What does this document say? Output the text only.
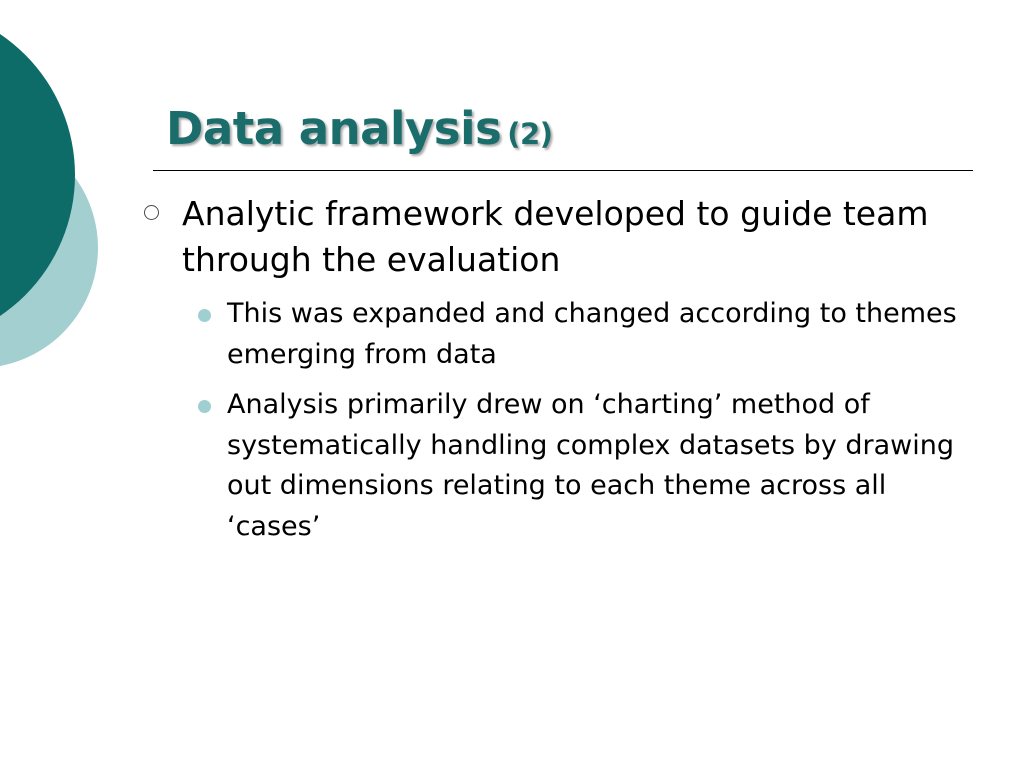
Data analysis (2)

Analytic framework developed to guide team through the evaluation

This was expanded and changed according to themes emerging from data

Analysis primarily drew on ‘charting’ method of systematically handling complex datasets by drawing out dimensions relating to each theme across all ‘cases’
